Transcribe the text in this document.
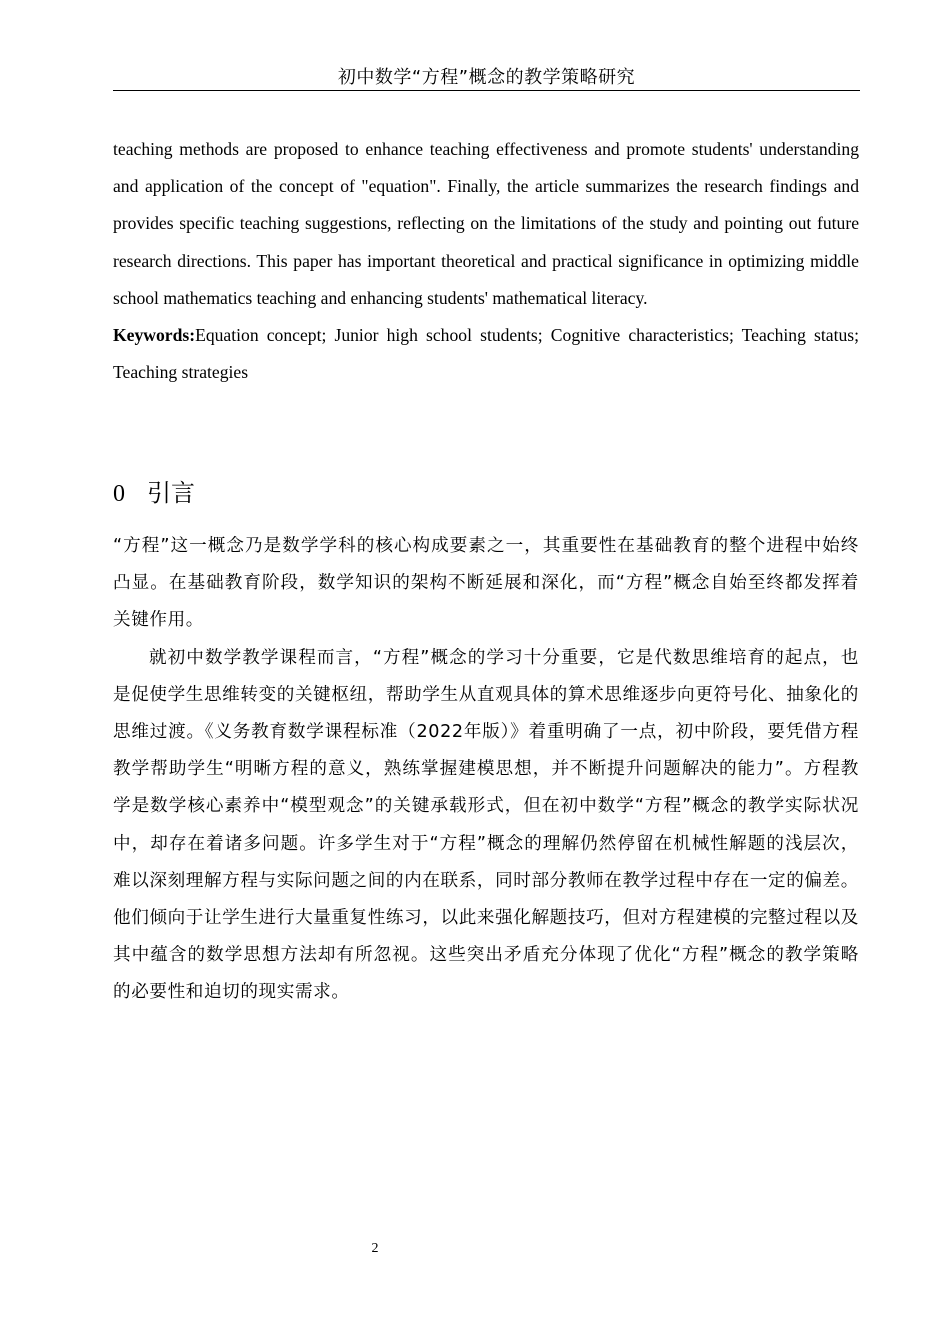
初中数学“方程”概念的教学策略研究

teaching methods are proposed to enhance teaching effectiveness and promote students' understanding and application of the concept of "equation". Finally, the article summarizes the research findings and provides specific teaching suggestions, reflecting on the limitations of the study and pointing out future research directions. This paper has important theoretical and practical significance in optimizing middle school mathematics teaching and enhancing students' mathematical literacy.

Keywords:Equation concept; Junior high school students; Cognitive characteristics; Teaching status; Teaching strategies

0 引言

“方程”这一概念乃是数学学科的核心构成要素之一，其重要性在基础教育的整个进程中始终凸显。在基础教育阶段，数学知识的架构不断延展和深化，而“方程”概念自始至终都发挥着关键作用。

就初中数学教学课程而言，“方程”概念的学习十分重要，它是代数思维培育的起点，也是促使学生思维转变的关键枢纽，帮助学生从直观具体的算术思维逐步向更符号化、抽象化的思维过渡。《义务教育数学课程标准（2022年版）》着重明确了一点，初中阶段，要凭借方程教学帮助学生“明晰方程的意义，熟练掌握建模思想，并不断提升问题解决的能力”。方程教学是数学核心素养中“模型观念”的关键承载形式，但在初中数学“方程”概念的教学实际状况中，却存在着诸多问题。许多学生对于“方程”概念的理解仍然停留在机械性解题的浅层次，难以深刻理解方程与实际问题之间的内在联系，同时部分教师在教学过程中存在一定的偏差。他们倾向于让学生进行大量重复性练习，以此来强化解题技巧，但对方程建模的完整过程以及其中蕴含的数学思想方法却有所忽视。这些突出矛盾充分体现了优化“方程”概念的教学策略的必要性和迫切的现实需求。

2
